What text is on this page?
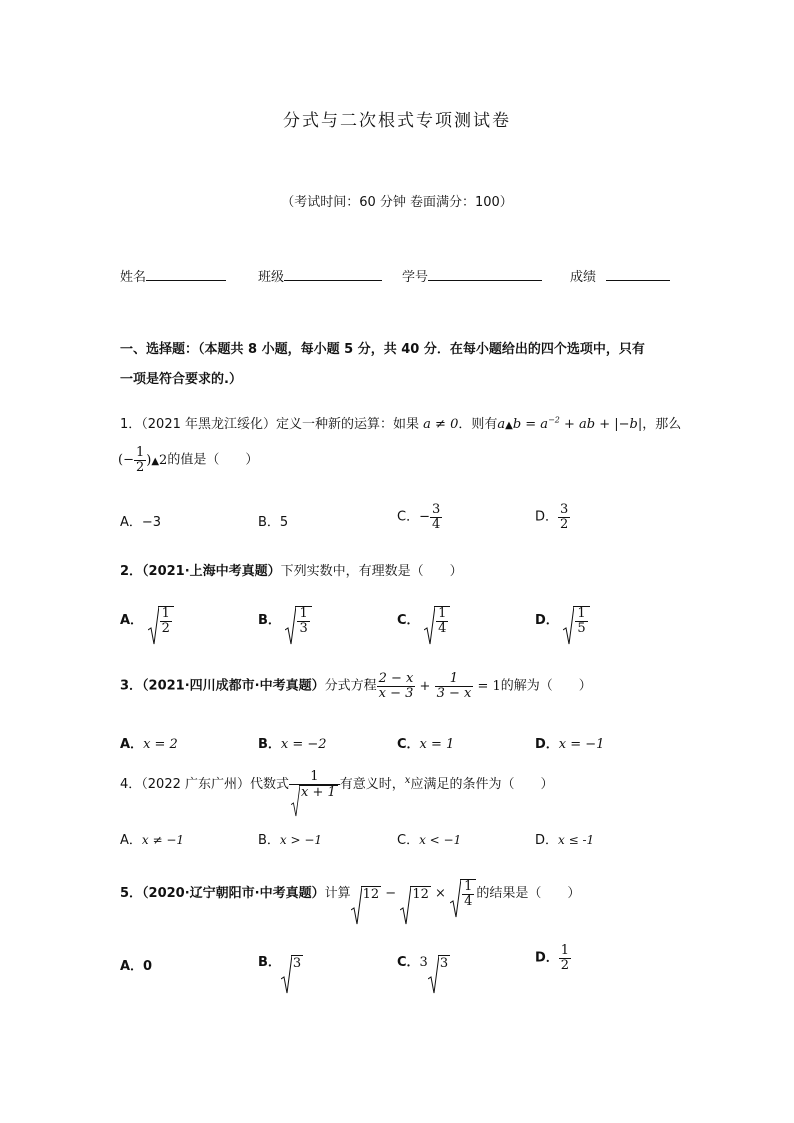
分式与二次根式专项测试卷
（考试时间：60 分钟 卷面满分：100）
姓名	班级	学号	成绩
一、选择题：（本题共 8 小题，每小题 5 分，共 40 分．在每小题给出的四个选项中，只有
一项是符合要求的.）
1．（2021 年黑龙江绥化）定义一种新的运算：如果 a ≠ 0．则有a▲b = $a^{-2}$ + ab + |−b|，那么
(− $\frac{1}{2}$ )▲2的值是（　　）
A．−3	B．5	C．− $\frac{3}{4}$	D． $\frac{3}{2}$
2．（2021·上海中考真题）下列实数中，有理数是（　　）
A． $\frac{1}{2}$	B． $\frac{1}{3}$	C． $\frac{1}{4}$	D． $\frac{1}{5}$
3．（2021·四川成都市·中考真题）分式方程 $\frac{2 - x}{x - 3} + \frac{1}{3 - x} = 1$的解为（　　）
A．x = 2	B．x = −2	C．x = 1	D．x = −1
4．（2022 广东广州）代数式 $\frac{1}{x + 1}$ 有意义时，$^x$应满足的条件为（　　）
A．x ≠ −1	B．x > −1	C．x < −1	D．x ≤ -1
5．（2020·辽宁朝阳市·中考真题）计算 12 −
$12 \times \frac{1}{4}$ 的结果是（　　）
A．0	B． 3	C．3 3	D． $\frac{1}{2}$
